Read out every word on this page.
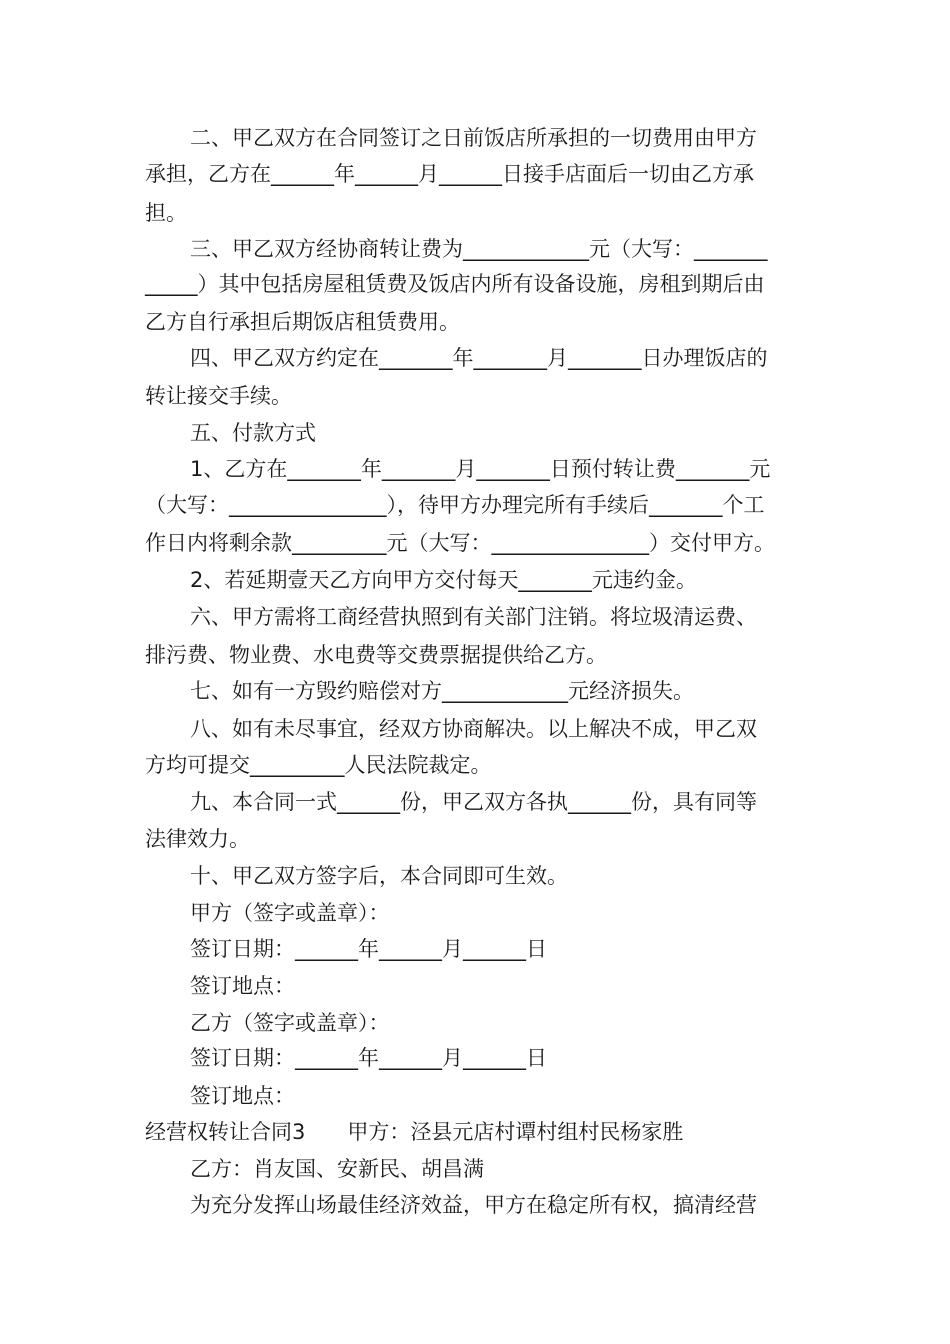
二、甲乙双方在合同签订之日前饭店所承担的一切费用由甲方
承担，乙方在______年______月______日接手店面后一切由乙方承
担。
三、甲乙双方经协商转让费为____________元（大写：_______
_____）其中包括房屋租赁费及饭店内所有设备设施，房租到期后由
乙方自行承担后期饭店租赁费用。
四、甲乙双方约定在_______年_______月_______日办理饭店的
转让接交手续。
五、付款方式
1、乙方在_______年_______月_______日预付转让费_______元
（大写：_______________），待甲方办理完所有手续后_______个工
作日内将剩余款_________元（大写：_______________）交付甲方。
2、若延期壹天乙方向甲方交付每天_______元违约金。
六、甲方需将工商经营执照到有关部门注销。将垃圾清运费、
排污费、物业费、水电费等交费票据提供给乙方。
七、如有一方毁约赔偿对方____________元经济损失。
八、如有未尽事宜，经双方协商解决。以上解决不成，甲乙双
方均可提交_________人民法院裁定。
九、本合同一式______份，甲乙双方各执______份，具有同等
法律效力。
十、甲乙双方签字后，本合同即可生效。
甲方（签字或盖章）：
签订日期：______年______月______日
签订地点：
乙方（签字或盖章）：
签订日期：______年______月______日
签订地点：
经营权转让合同3　　甲方：泾县元店村谭村组村民杨家胜
乙方：肖友国、安新民、胡昌满
为充分发挥山场最佳经济效益，甲方在稳定所有权，搞清经营
